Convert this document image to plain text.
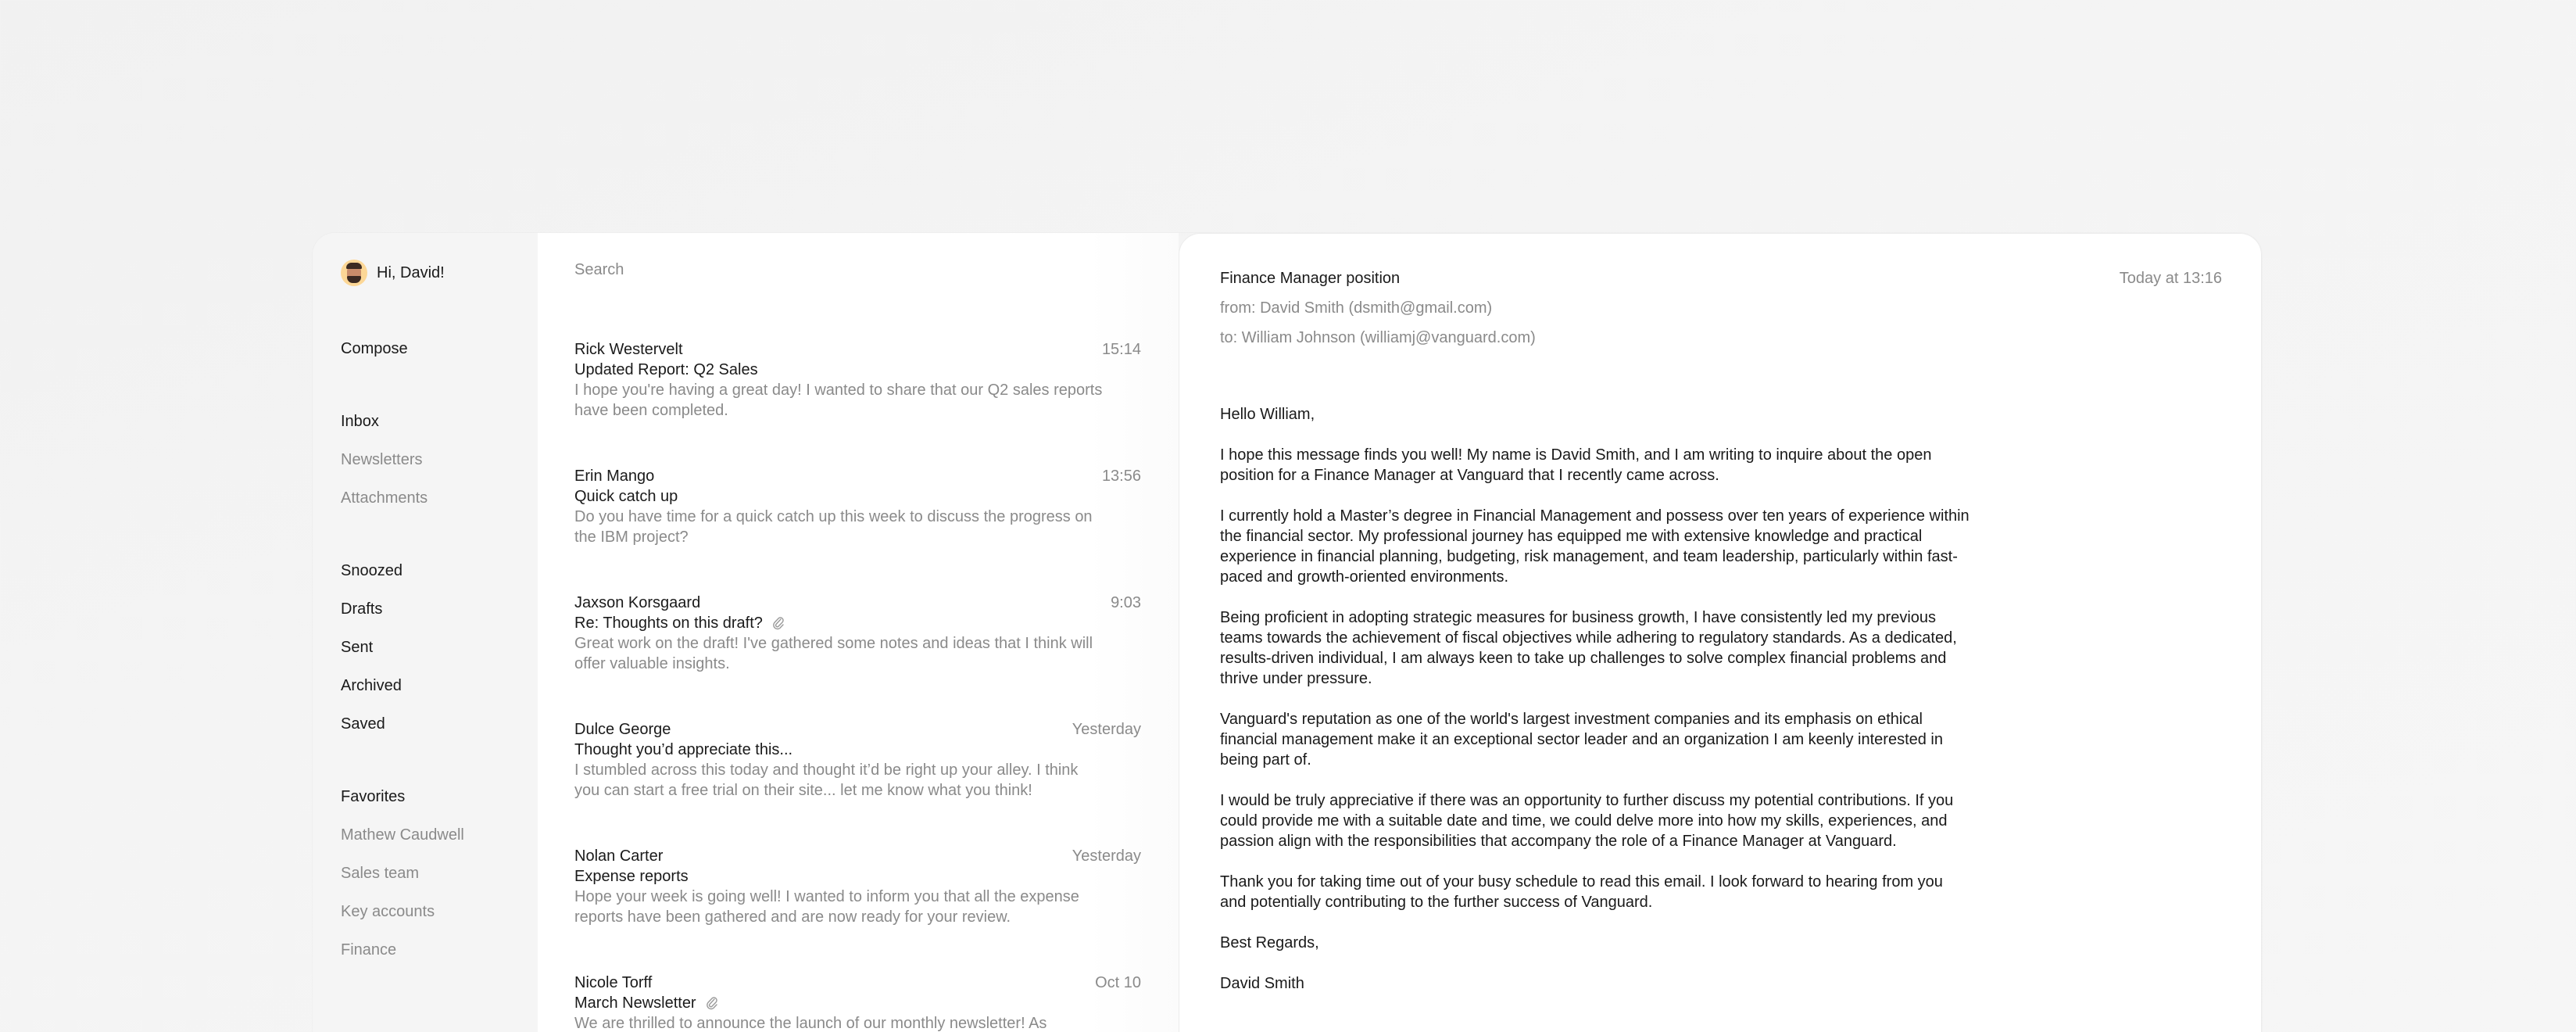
Hi, David!
Compose
Inbox
Newsletters
Attachments
Snoozed
Drafts
Sent
Archived
Saved
Favorites
Mathew Caudwell
Sales team
Key accounts
Finance
Search
Rick Westervelt	15:14
Updated Report: Q2 Sales
I hope you're having a great day! I wanted to share that our Q2 sales reports have been completed.
Erin Mango	13:56
Quick catch up
Do you have time for a quick catch up this week to discuss the progress on the IBM project?
Jaxson Korsgaard	9:03
Re: Thoughts on this draft?
Great work on the draft! I've gathered some notes and ideas that I think will offer valuable insights.
Dulce George	Yesterday
Thought you’d appreciate this...
I stumbled across this today and thought it’d be right up your alley. I think you can start a free trial on their site... let me know what you think!
Nolan Carter	Yesterday
Expense reports
Hope your week is going well! I wanted to inform you that all the expense reports have been gathered and are now ready for your review.
Nicole Torff	Oct 10
March Newsletter
We are thrilled to announce the launch of our monthly newsletter! As
Finance Manager position	Today at 13:16
from: David Smith (dsmith@gmail.com)
to: William Johnson (williamj@vanguard.com)

Hello William,

I hope this message finds you well! My name is David Smith, and I am writing to inquire about the open position for a Finance Manager at Vanguard that I recently came across.

I currently hold a Master’s degree in Financial Management and possess over ten years of experience within the financial sector. My professional journey has equipped me with extensive knowledge and practical experience in financial planning, budgeting, risk management, and team leadership, particularly within fast-paced and growth-oriented environments.

Being proficient in adopting strategic measures for business growth, I have consistently led my previous teams towards the achievement of fiscal objectives while adhering to regulatory standards. As a dedicated, results-driven individual, I am always keen to take up challenges to solve complex financial problems and thrive under pressure.

Vanguard's reputation as one of the world's largest investment companies and its emphasis on ethical financial management make it an exceptional sector leader and an organization I am keenly interested in being part of.

I would be truly appreciative if there was an opportunity to further discuss my potential contributions. If you could provide me with a suitable date and time, we could delve more into how my skills, experiences, and passion align with the responsibilities that accompany the role of a Finance Manager at Vanguard.

Thank you for taking time out of your busy schedule to read this email. I look forward to hearing from you and potentially contributing to the further success of Vanguard.

Best Regards,

David Smith
